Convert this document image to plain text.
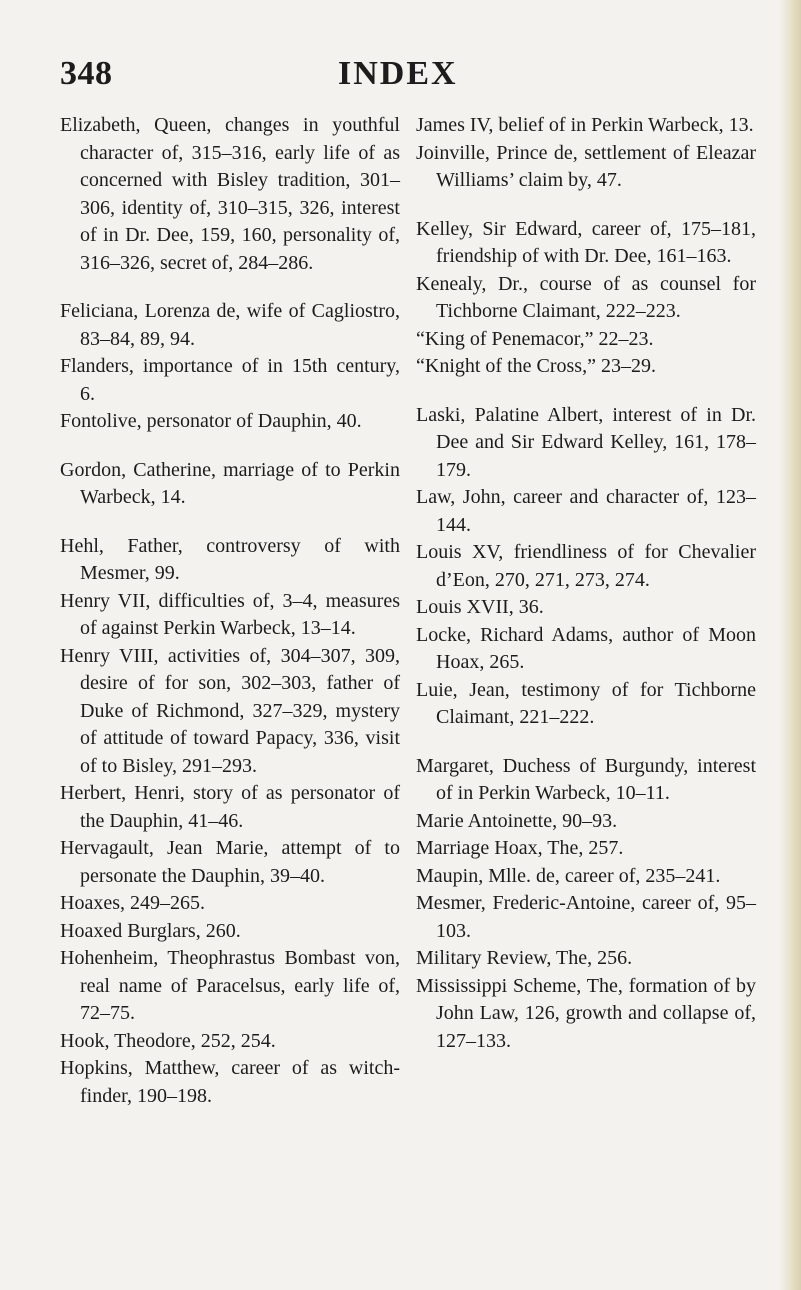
348	INDEX

Elizabeth, Queen, changes in youthful character of, 315–316, early life of as concerned with Bisley tradition, 301–306, identity of, 310–315, 326, interest of in Dr. Dee, 159, 160, personality of, 316–326, secret of, 284–286.

Feliciana, Lorenza de, wife of Cagliostro, 83–84, 89, 94.

Flanders, importance of in 15th century, 6.

Fontolive, personator of Dauphin, 40.

Gordon, Catherine, marriage of to Perkin Warbeck, 14.

Hehl, Father, controversy of with Mesmer, 99.

Henry VII, difficulties of, 3–4, measures of against Perkin Warbeck, 13–14.

Henry VIII, activities of, 304–307, 309, desire of for son, 302–303, father of Duke of Richmond, 327–329, mystery of attitude of toward Papacy, 336, visit of to Bisley, 291–293.

Herbert, Henri, story of as personator of the Dauphin, 41–46.

Hervagault, Jean Marie, attempt of to personate the Dauphin, 39–40.

Hoaxes, 249–265.

Hoaxed Burglars, 260.

Hohenheim, Theophrastus Bombast von, real name of Paracelsus, early life of, 72–75.

Hook, Theodore, 252, 254.

Hopkins, Matthew, career of as witch-finder, 190–198.

James IV, belief of in Perkin Warbeck, 13.

Joinville, Prince de, settlement of Eleazar Williams’ claim by, 47.

Kelley, Sir Edward, career of, 175–181, friendship of with Dr. Dee, 161–163.

Kenealy, Dr., course of as counsel for Tichborne Claimant, 222–223.

“King of Penemacor,” 22–23.

“Knight of the Cross,” 23–29.

Laski, Palatine Albert, interest of in Dr. Dee and Sir Edward Kelley, 161, 178–179.

Law, John, career and character of, 123–144.

Louis XV, friendliness of for Chevalier d’Eon, 270, 271, 273, 274.

Louis XVII, 36.

Locke, Richard Adams, author of Moon Hoax, 265.

Luie, Jean, testimony of for Tichborne Claimant, 221–222.

Margaret, Duchess of Burgundy, interest of in Perkin Warbeck, 10–11.

Marie Antoinette, 90–93.

Marriage Hoax, The, 257.

Maupin, Mlle. de, career of, 235–241.

Mesmer, Frederic-Antoine, career of, 95–103.

Military Review, The, 256.

Mississippi Scheme, The, formation of by John Law, 126, growth and collapse of, 127–133.
